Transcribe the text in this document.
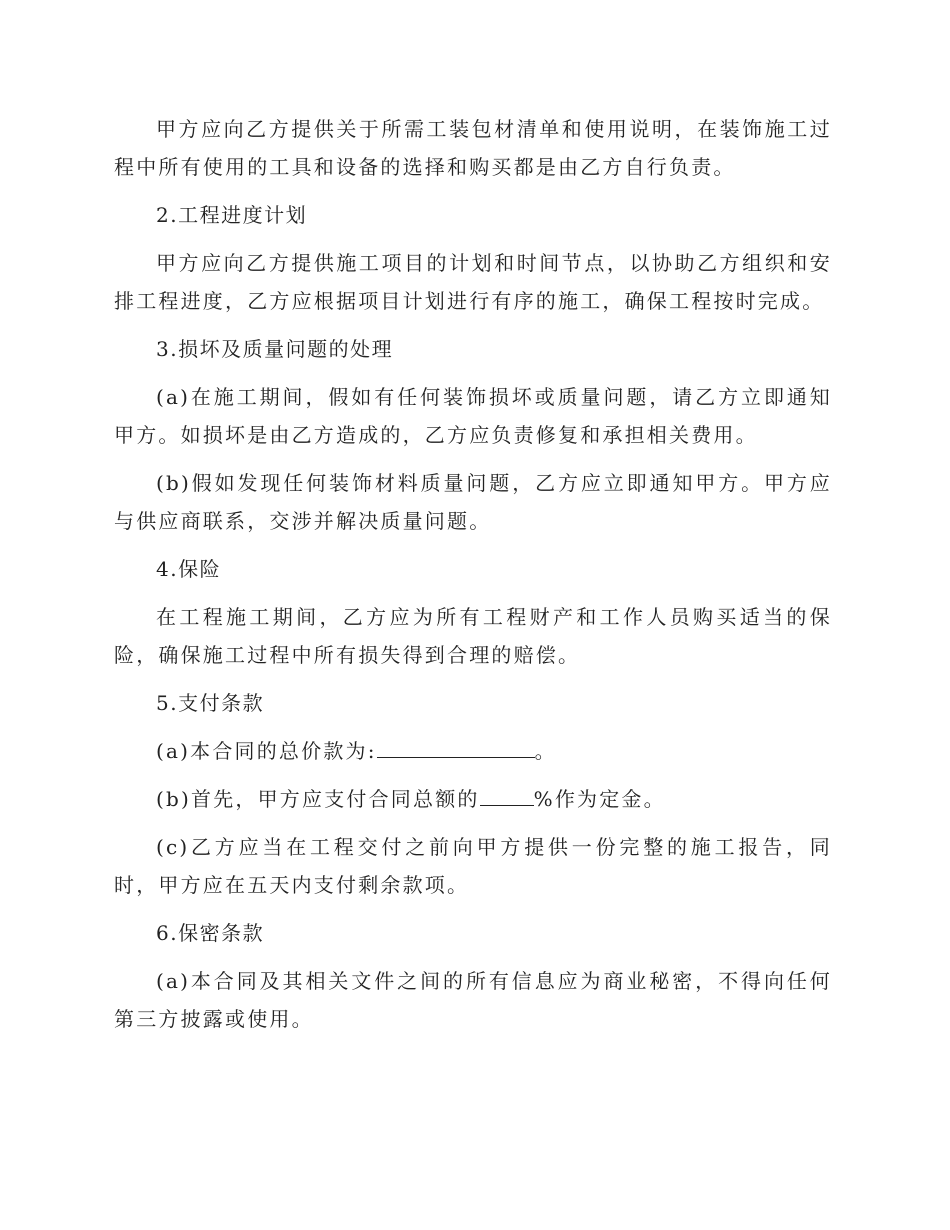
甲方应向乙方提供关于所需工装包材清单和使用说明，在装饰施工过程中所有使用的工具和设备的选择和购买都是由乙方自行负责。

2.工程进度计划

甲方应向乙方提供施工项目的计划和时间节点，以协助乙方组织和安排工程进度，乙方应根据项目计划进行有序的施工，确保工程按时完成。

3.损坏及质量问题的处理

(a)在施工期间，假如有任何装饰损坏或质量问题，请乙方立即通知甲方。如损坏是由乙方造成的，乙方应负责修复和承担相关费用。

(b)假如发现任何装饰材料质量问题，乙方应立即通知甲方。甲方应与供应商联系，交涉并解决质量问题。

4.保险

在工程施工期间，乙方应为所有工程财产和工作人员购买适当的保险，确保施工过程中所有损失得到合理的赔偿。

5.支付条款

(a)本合同的总价款为:	。

(b)首先，甲方应支付合同总额的	%作为定金。

(c)乙方应当在工程交付之前向甲方提供一份完整的施工报告，同时，甲方应在五天内支付剩余款项。

6.保密条款

(a)本合同及其相关文件之间的所有信息应为商业秘密，不得向任何第三方披露或使用。
